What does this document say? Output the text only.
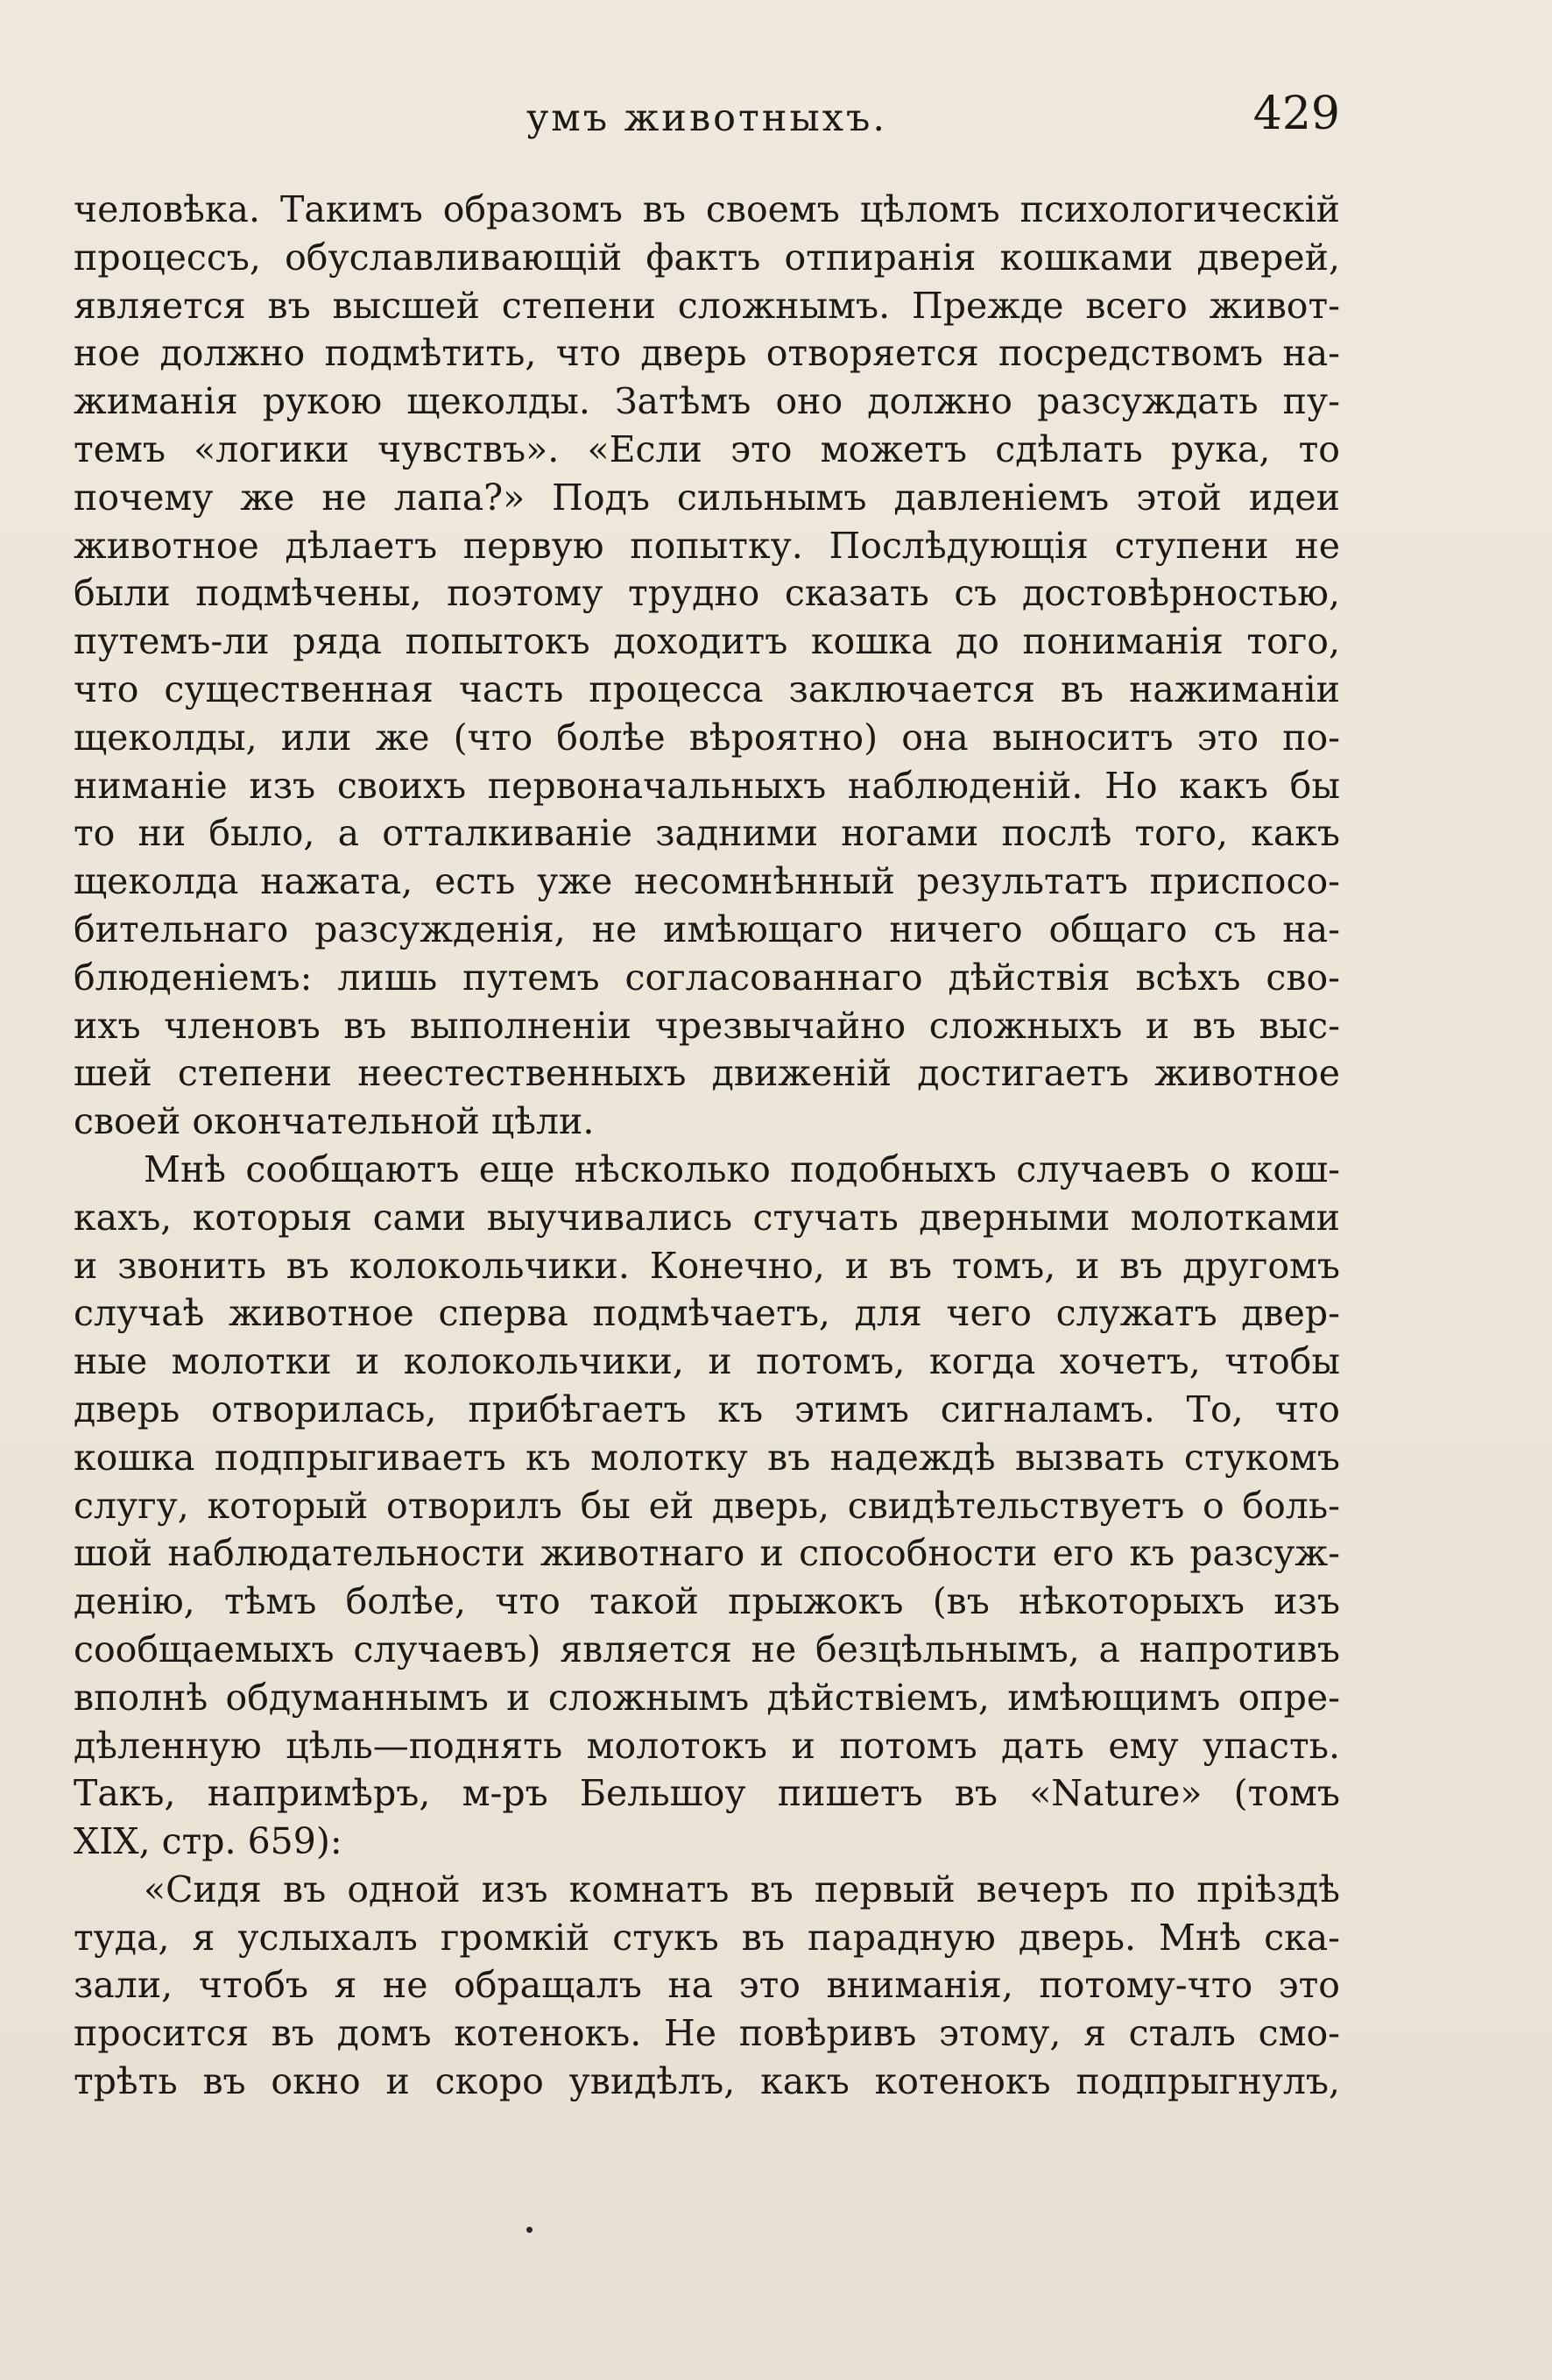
умъ животныхъ.	429
человѣка. Такимъ образомъ въ своемъ цѣломъ психологическій
процессъ, обуславливающій фактъ отпиранія кошками дверей,
является въ высшей степени сложнымъ. Прежде всего живот-
ное должно подмѣтить, что дверь отворяется посредствомъ на-
жиманія рукою щеколды. Затѣмъ оно должно разсуждать пу-
темъ «логики чувствъ». «Если это можетъ сдѣлать рука, то
почему же не лапа?» Подъ сильнымъ давленіемъ этой идеи
животное дѣлаетъ первую попытку. Послѣдующія ступени не
были подмѣчены, поэтому трудно сказать съ достовѣрностью,
путемъ-ли ряда попытокъ доходитъ кошка до пониманія того,
что существенная часть процесса заключается въ нажиманіи
щеколды, или же (что болѣе вѣроятно) она выноситъ это по-
ниманіе изъ своихъ первоначальныхъ наблюденій. Но какъ бы
то ни было, а отталкиваніе задними ногами послѣ того, какъ
щеколда нажата, есть уже несомнѣнный результатъ приспосо-
бительнаго разсужденія, не имѣющаго ничего общаго съ на-
блюденіемъ: лишь путемъ согласованнаго дѣйствія всѣхъ сво-
ихъ членовъ въ выполненіи чрезвычайно сложныхъ и въ выс-
шей степени неестественныхъ движеній достигаетъ животное
своей окончательной цѣли.
Мнѣ сообщаютъ еще нѣсколько подобныхъ случаевъ о кош-
кахъ, которыя сами выучивались стучать дверными молотками
и звонить въ колокольчики. Конечно, и въ томъ, и въ другомъ
случаѣ животное сперва подмѣчаетъ, для чего служатъ двер-
ные молотки и колокольчики, и потомъ, когда хочетъ, чтобы
дверь отворилась, прибѣгаетъ къ этимъ сигналамъ. То, что
кошка подпрыгиваетъ къ молотку въ надеждѣ вызвать стукомъ
слугу, который отворилъ бы ей дверь, свидѣтельствуетъ о боль-
шой наблюдательности животнаго и способности его къ разсуж-
денію, тѣмъ болѣе, что такой прыжокъ (въ нѣкоторыхъ изъ
сообщаемыхъ случаевъ) является не безцѣльнымъ, а напротивъ
вполнѣ обдуманнымъ и сложнымъ дѣйствіемъ, имѣющимъ опре-
дѣленную цѣль—поднять молотокъ и потомъ дать ему упасть.
Такъ, напримѣръ, м-ръ Бельшоу пишетъ въ «Nature» (томъ
XIX, стр. 659):
«Сидя въ одной изъ комнатъ въ первый вечеръ по пріѣздѣ
туда, я услыхалъ громкій стукъ въ парадную дверь. Мнѣ ска-
зали, чтобъ я не обращалъ на это вниманія, потому-что это
просится въ домъ котенокъ. Не повѣривъ этому, я сталъ смо-
трѣть въ окно и скоро увидѣлъ, какъ котенокъ подпрыгнулъ,
